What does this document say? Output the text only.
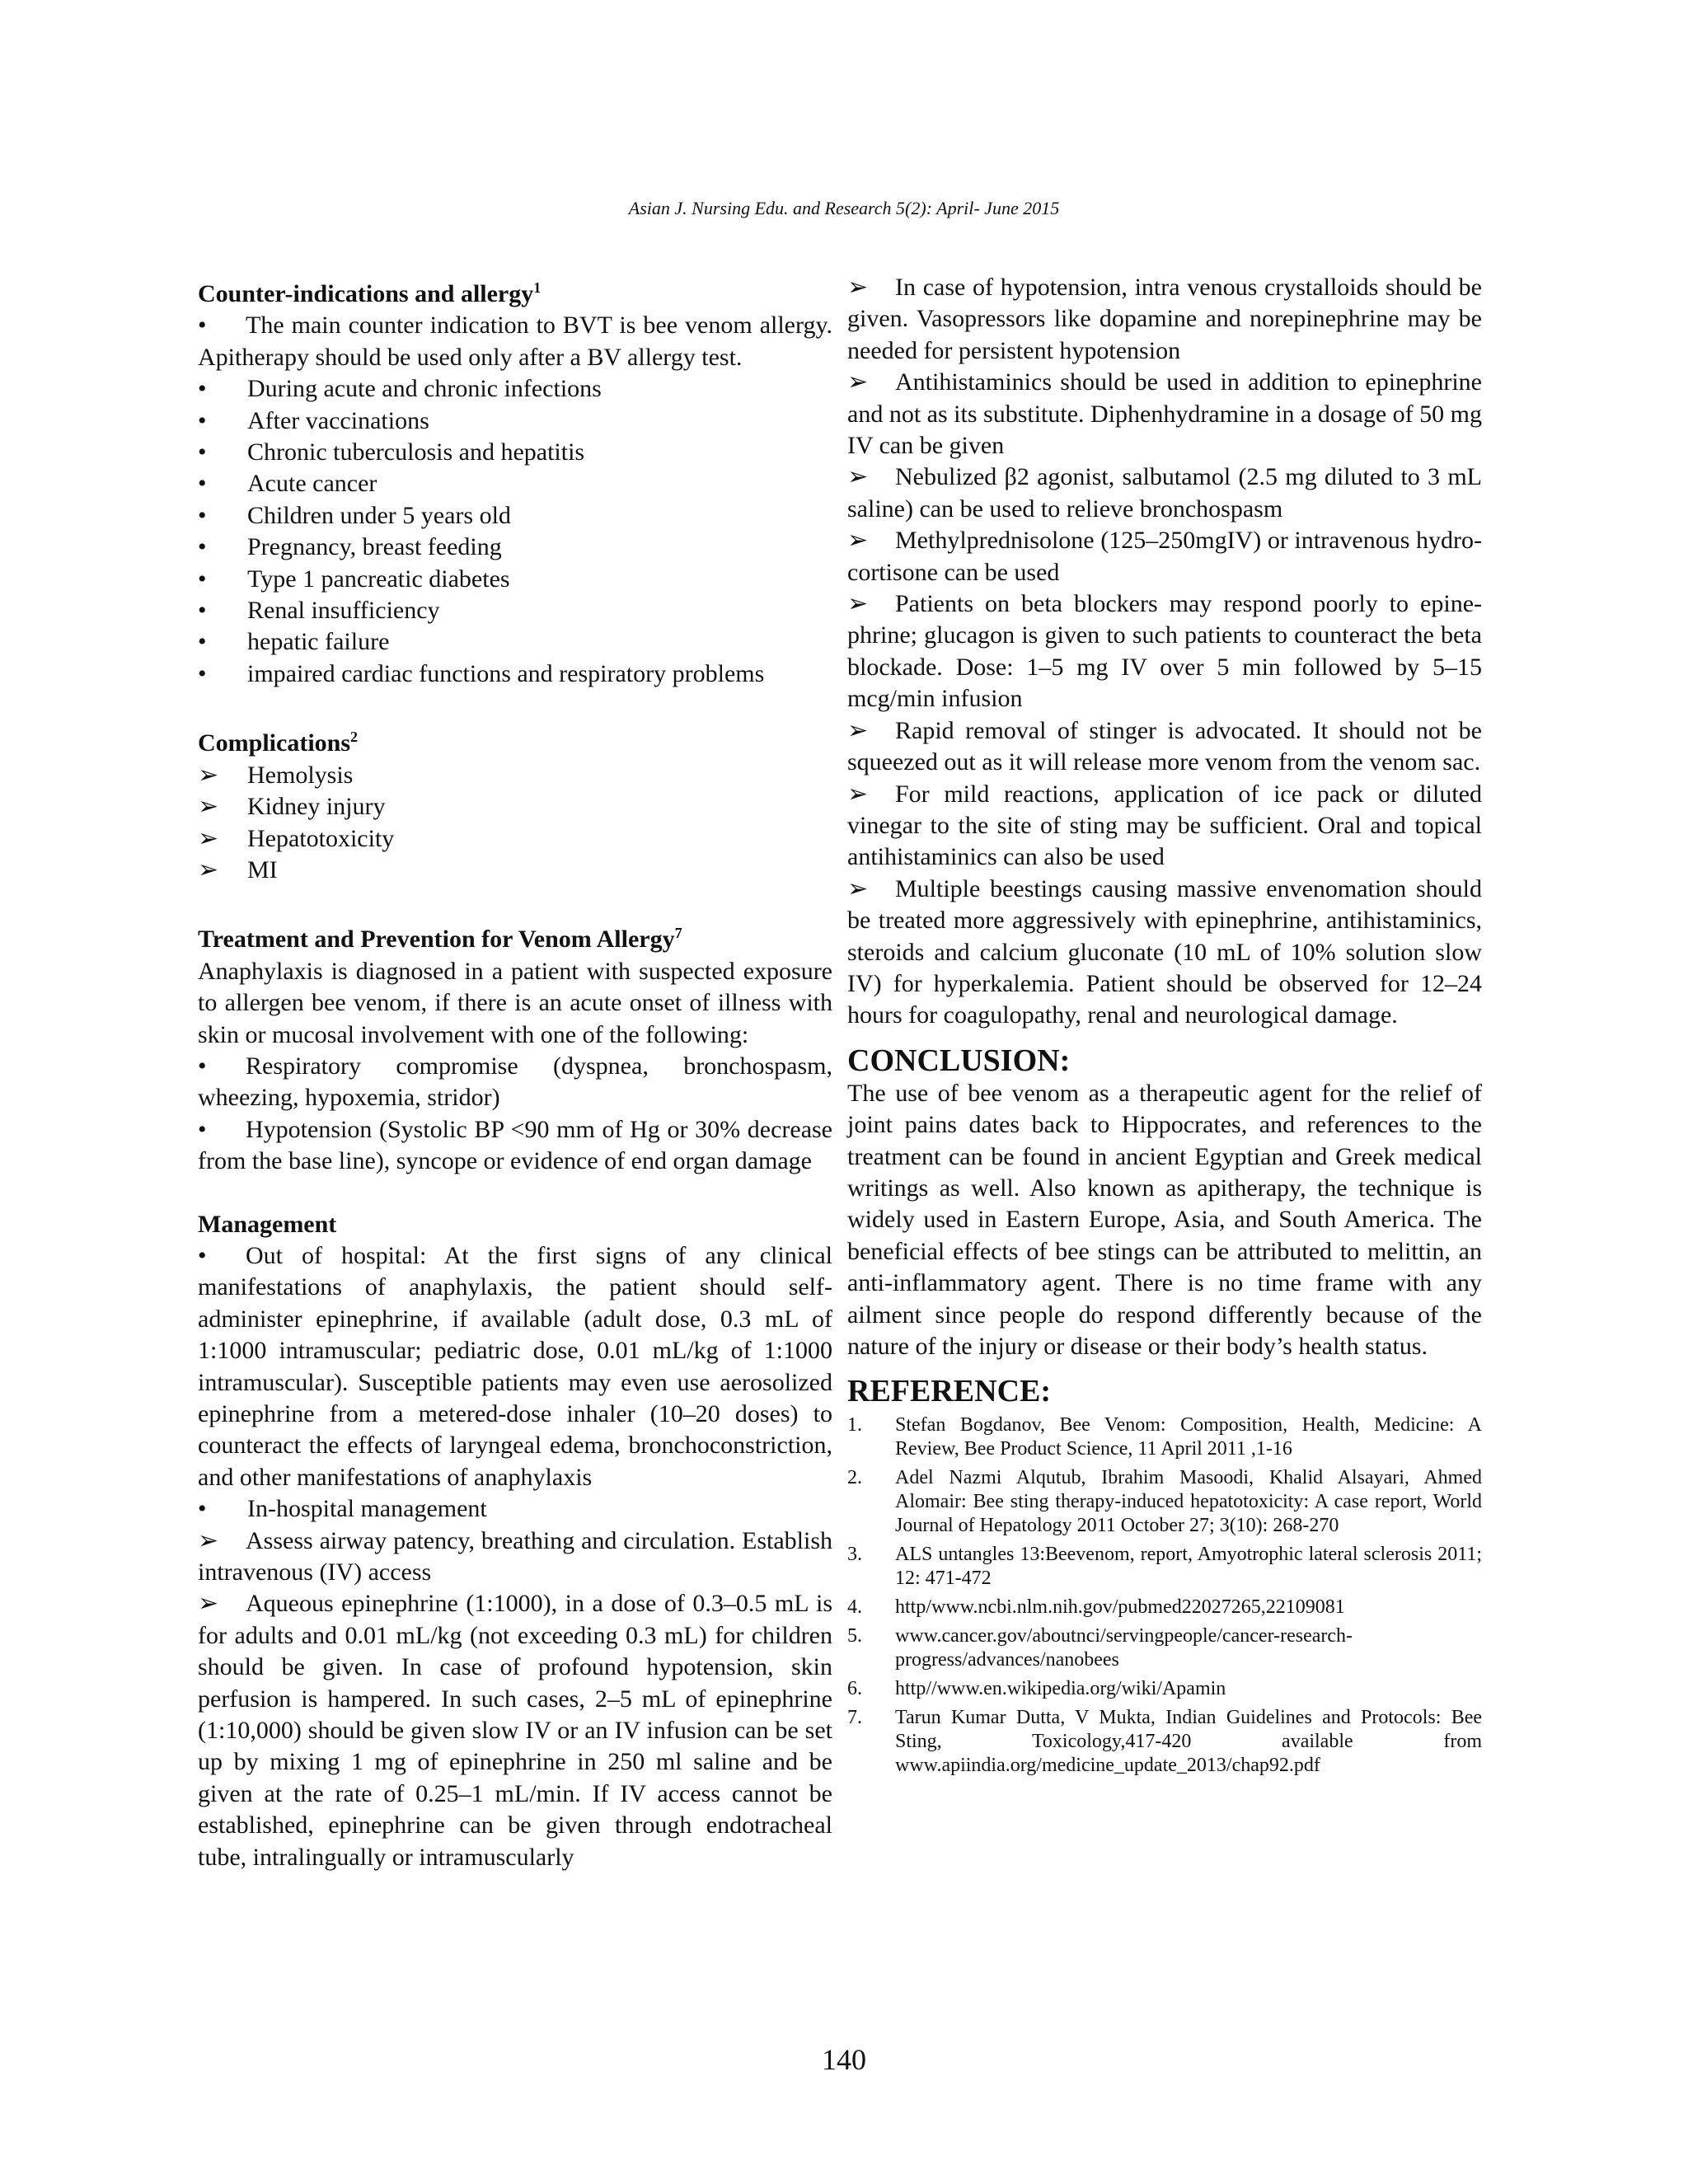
Asian J. Nursing Edu. and Research 5(2): April- June 2015

Counter-indications and allergy$^1$

• The main counter indication to BVT is bee venom allergy. Apitherapy should be used only after a BV allergy test.
•	During acute and chronic infections
•	After vaccinations
•	Chronic tuberculosis and hepatitis
•	Acute cancer
•	Children under 5 years old
•	Pregnancy, breast feeding
•	Type 1 pancreatic diabetes
•	Renal insufficiency
•	hepatic failure
•	impaired cardiac functions and respiratory problems

Complications$^2$

➢	Hemolysis
➢	Kidney injury
➢	Hepatotoxicity
➢	MI

Treatment and Prevention for Venom Allergy$^7$

Anaphylaxis is diagnosed in a patient with suspected exposure to allergen bee venom, if there is an acute onset of illness with skin or mucosal involvement with one of the following:
• Respiratory compromise (dyspnea, bronchospasm, wheezing, hypoxemia, stridor)
• Hypotension (Systolic BP <90 mm of Hg or 30% decrease from the base line), syncope or evidence of end organ damage

Management

• Out of hospital: At the first signs of any clinical manifestations of anaphylaxis, the patient should self-administer epinephrine, if available (adult dose, 0.3 mL of 1:1000 intramuscular; pediatric dose, 0.01 mL/kg of 1:1000 intramuscular). Susceptible patients may even use aerosolized epinephrine from a metered-dose inhaler (10–20 doses) to counteract the effects of laryngeal edema, bronchoconstriction, and other manifestations of anaphylaxis
•	In-hospital management
➢ Assess airway patency, breathing and circulation. Establish intravenous (IV) access
➢ Aqueous epinephrine (1:1000), in a dose of 0.3–0.5 mL is for adults and 0.01 mL/kg (not exceeding 0.3 mL) for children should be given. In case of profound hypotension, skin perfusion is hampered. In such cases, 2–5 mL of epinephrine (1:10,000) should be given slow IV or an IV infusion can be set up by mixing 1 mg of epinephrine in 250 ml saline and be given at the rate of 0.25–1 mL/min. If IV access cannot be established, epinephrine can be given through endotracheal tube, intralingually or intramuscularly
➢ In case of hypotension, intra venous crystalloids should be given. Vasopressors like dopamine and norepinephrine may be needed for persistent hypotension
➢ Antihistaminics should be used in addition to epinephrine and not as its substitute. Diphenhydramine in a dosage of 50 mg IV can be given
➢ Nebulized β2 agonist, salbutamol (2.5 mg diluted to 3 mL saline) can be used to relieve bronchospasm
➢ Methylprednisolone (125–250mgIV) or intravenous hydro- cortisone can be used
➢ Patients on beta blockers may respond poorly to epine-phrine; glucagon is given to such patients to counteract the beta blockade. Dose: 1–5 mg IV over 5 min followed by 5–15 mcg/min infusion
➢ Rapid removal of stinger is advocated. It should not be squeezed out as it will release more venom from the venom sac.
➢ For mild reactions, application of ice pack or diluted vinegar to the site of sting may be sufficient. Oral and topical antihistaminics can also be used
➢ Multiple beestings causing massive envenomation should be treated more aggressively with epinephrine, antihistaminics, steroids and calcium gluconate (10 mL of 10% solution slow IV) for hyperkalemia. Patient should be observed for 12–24 hours for coagulopathy, renal and neurological damage.

CONCLUSION:

The use of bee venom as a therapeutic agent for the relief of joint pains dates back to Hippocrates, and references to the treatment can be found in ancient Egyptian and Greek medical writings as well. Also known as apitherapy, the technique is widely used in Eastern Europe, Asia, and South America. The beneficial effects of bee stings can be attributed to melittin, an anti-inflammatory agent. There is no time frame with any ailment since people do respond differently because of the nature of the injury or disease or their body’s health status.

REFERENCE:

1.	Stefan Bogdanov, Bee Venom: Composition, Health, Medicine: A Review, Bee Product Science, 11 April 2011 ,1-16
2.	Adel Nazmi Alqutub, Ibrahim Masoodi, Khalid Alsayari, Ahmed Alomair: Bee sting therapy-induced hepatotoxicity: A case report, World Journal of Hepatology 2011 October 27; 3(10): 268-270
3.	ALS untangles 13:Beevenom, report, Amyotrophic lateral sclerosis 2011; 12: 471-472
4.	http/www.ncbi.nlm.nih.gov/pubmed22027265,22109081
5.	www.cancer.gov/aboutnci/servingpeople/cancer-research-progress/advances/nanobees
6.	http//www.en.wikipedia.org/wiki/Apamin
7.	Tarun Kumar Dutta, V Mukta, Indian Guidelines and Protocols: Bee Sting, Toxicology,417-420 available from www.apiindia.org/medicine_update_2013/chap92.pdf
140
